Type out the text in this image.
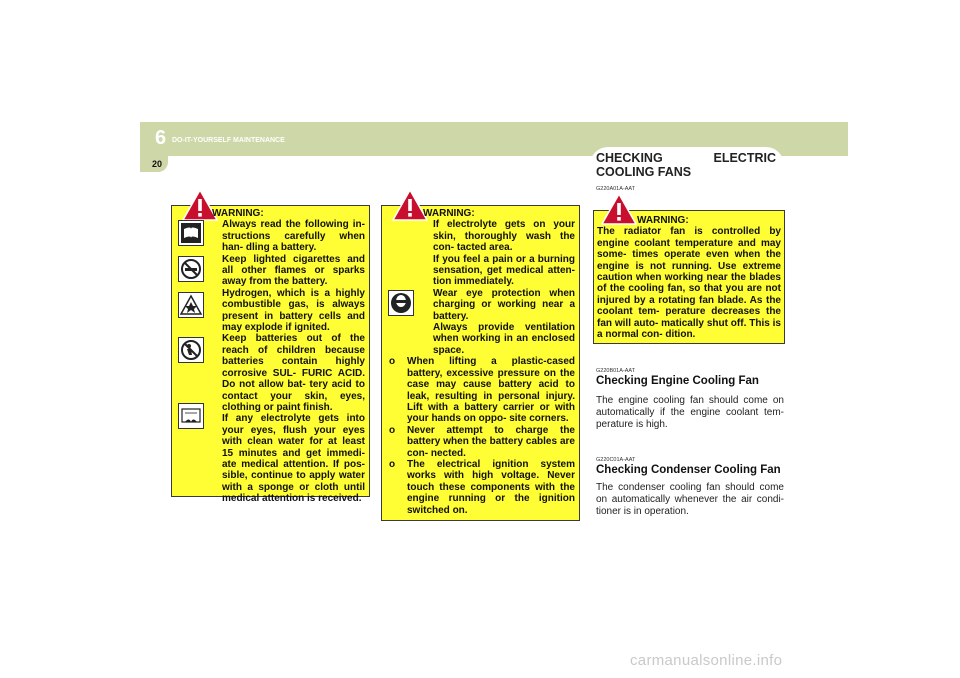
6 DO-IT-YOURSELF MAINTENANCE
20	CHECKING ELECTRIC
COOLING FANS
WARNING:
Always read the following in- structions carefully when han- dling a battery.
Keep lighted cigarettes and all other flames or sparks away from the battery.
Hydrogen, which is a highly combustible gas, is always present in battery cells and may explode if ignited.
Keep batteries out of the reach of children because batteries contain highly corrosive SUL- FURIC ACID. Do not allow bat- tery acid to contact your skin, eyes, clothing or paint finish.
If any electrolyte gets into your eyes, flush your eyes with clean water for at least 15 minutes and get immedi- ate medical attention. If pos- sible, continue to apply water with a sponge or cloth until medical attention is received.
WARNING:
If electrolyte gets on your skin, thoroughly wash the con- tacted area.
If you feel a pain or a burning sensation, get medical atten- tion immediately.
Wear eye protection when charging or working near a battery.
Always provide ventilation when working in an enclosed space.
o When lifting a plastic-cased battery, excessive pressure on the case may cause battery acid to leak, resulting in personal injury. Lift with a battery carrier or with your hands on oppo- site corners.
o Never attempt to charge the battery when the battery cables are con- nected.
o The electrical ignition system works with high voltage. Never touch these components with the engine running or the ignition switched on.
G220A01A-AAT
WARNING:
The radiator fan is controlled by engine coolant temperature and may some- times operate even when the engine is not running. Use extreme caution when working near the blades of the cooling fan, so that you are not injured by a rotating fan blade. As the coolant tem- perature decreases the fan will auto- matically shut off. This is a normal con- dition.
G220B01A-AAT
Checking Engine Cooling Fan
The engine cooling fan should come on automatically if the engine coolant tem- perature is high.
G220C01A-AAT
Checking Condenser Cooling Fan
The condenser cooling fan should come on automatically whenever the air condi- tioner is in operation.
carmanualsonline.info
